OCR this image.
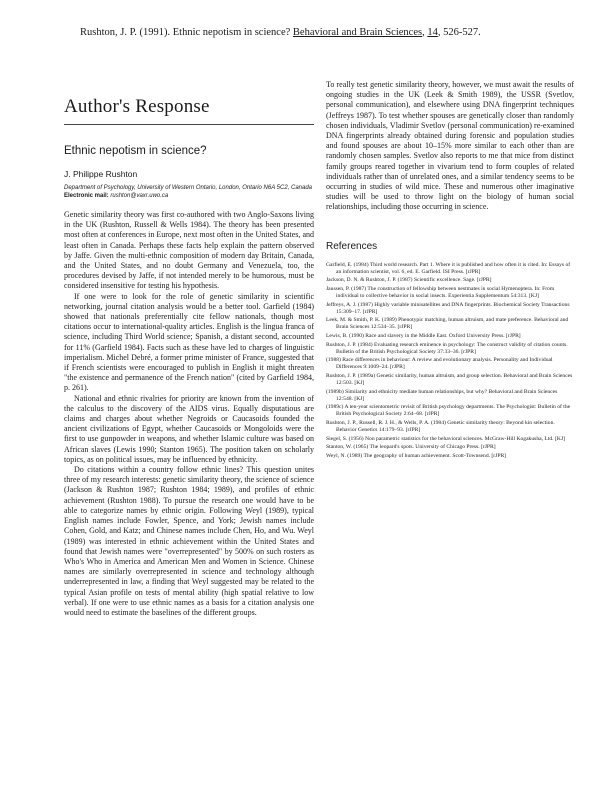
Rushton, J. P. (1991). Ethnic nepotism in science? Behavioral and Brain Sciences, 14, 526-527.
Author's Response
Ethnic nepotism in science?
J. Philippe Rushton
Department of Psychology, University of Western Ontario, London, Ontario N6A 5C2, Canada
Electronic mail: rushton@vaxr.uwo.ca

Genetic similarity theory was first co-authored with two Anglo-Saxons living in the UK (Rushton, Russell & Wells 1984). The theory has been presented most often at conferences in Europe, next most often in the United States, and least often in Canada. Perhaps these facts help explain the pattern observed by Jaffe. Given the multi-ethnic composition of modern day Britain, Canada, and the United States, and no doubt Germany and Venezuela, too, the procedures devised by Jaffe, if not intended merely to be humorous, must be considered insensitive for testing his hypothesis.

If one were to look for the role of genetic similarity in scientific networking, journal citation analysis would be a better tool. Garfield (1984) showed that nationals preferentially cite fellow nationals, though most citations occur to international-quality articles. English is the lingua franca of science, including Third World science; Spanish, a distant second, accounted for 11% (Garfield 1984). Facts such as these have led to charges of linguistic imperialism. Michel Debré, a former prime minister of France, suggested that if French scientists were encouraged to publish in English it might threaten "the existence and permanence of the French nation" (cited by Garfield 1984, p. 261).

National and ethnic rivalries for priority are known from the invention of the calculus to the discovery of the AIDS virus. Equally disputatious are claims and charges about whether Negroids or Caucasoids founded the ancient civilizations of Egypt, whether Caucasoids or Mongoloids were the first to use gunpowder in weapons, and whether Islamic culture was based on African slaves (Lewis 1990; Stanton 1965). The position taken on scholarly topics, as on political issues, may be influenced by ethnicity.

Do citations within a country follow ethnic lines? This question unites three of my research interests: genetic similarity theory, the science of science (Jackson & Rushton 1987; Rushton 1984; 1989), and profiles of ethnic achievement (Rushton 1988). To pursue the research one would have to be able to categorize names by ethnic origin. Following Weyl (1989), typical English names include Fowler, Spence, and York; Jewish names include Cohen, Gold, and Katz; and Chinese names include Chen, Ho, and Wu. Weyl (1989) was interested in ethnic achievement within the United States and found that Jewish names were "overrepresented" by 500% on such rosters as Who's Who in America and American Men and Women in Science. Chinese names are similarly overrepresented in science and technology although underrepresented in law, a finding that Weyl suggested may be related to the typical Asian profile on tests of mental ability (high spatial relative to low verbal). If one were to use ethnic names as a basis for a citation analysis one would need to estimate the baselines of the different groups.

To really test genetic similarity theory, however, we must await the results of ongoing studies in the UK (Leek & Smith 1989), the USSR (Svetlov, personal communication), and elsewhere using DNA fingerprint techniques (Jeffreys 1987). To test whether spouses are genetically closer than randomly chosen individuals, Vladimir Svetlov (personal communication) re-examined DNA fingerprints already obtained during forensic and population studies and found spouses are about 10–15% more similar to each other than are randomly chosen samples. Svetlov also reports to me that mice from distinct family groups reared together in vivarium tend to form couples of related individuals rather than of unrelated ones, and a similar tendency seems to be occurring in studies of wild mice. These and numerous other imaginative studies will be used to throw light on the biology of human social relationships, including those occurring in science.

References
Garfield, E. (1984) Third world research. Part 1. Where it is published and how often it is cited. In: Essays of an information scientist, vol. 6, ed. E. Garfield. ISI Press. [rJPR]
Jackson, D. N. & Rushton, J. P. (1987) Scientific excellence. Sage. [rJPR]
Jaussen, P. (1987) The construction of fellowship between nestmates in social Hymenoptera. In: From individual to collective behavior in social insects. Experientia Supplementum 54:313. [KJ]
Jeffreys, A. J. (1987) Highly variable minisatellites and DNA fingerprints. Biochemical Society Transactions 15:309–17. [rJPR]
Leek, M. & Smith, P. K. (1989) Phenotypic matching, human altruism, and mate preference. Behavioral and Brain Sciences 12:534–35. [rJPR]
Lewis, B. (1990) Race and slavery in the Middle East. Oxford University Press. [rJPR]
Rushton, J. P. (1984) Evaluating research eminence in psychology: The construct validity of citation counts. Bulletin of the British Psychological Society 37:33–36. [rJPR]
(1988) Race differences in behaviour: A review and evolutionary analysis. Personality and Individual Differences 9:1009–24. [rJPR]
Rushton, J. P. (1989a) Genetic similarity, human altruism, and group selection. Behavioral and Brain Sciences 12:503. [KJ]
(1989b) Similarity and ethnicity mediate human relationships, but why? Behavioral and Brain Sciences 12:548. [KJ]
(1989c) A ten-year scientometric revisit of British psychology departments. The Psychologist: Bulletin of the British Psychological Society 2:64–68. [rJPR]
Rushton, J. P., Russell, R. J. H., & Wells, P. A. (1984) Genetic similarity theory: Beyond kin selection. Behavior Genetics 14:179–93. [rJPR]
Siegel, S. (1956) Non parametric statistics for the behavioral sciences. McGraw-Hill Kogakusha, Ltd. [KJ]
Stanton, W. (1965) The leopard's spots. University of Chicago Press. [rJPR]
Weyl, N. (1989) The geography of human achievement. Scott-Townsend. [rJPR]
